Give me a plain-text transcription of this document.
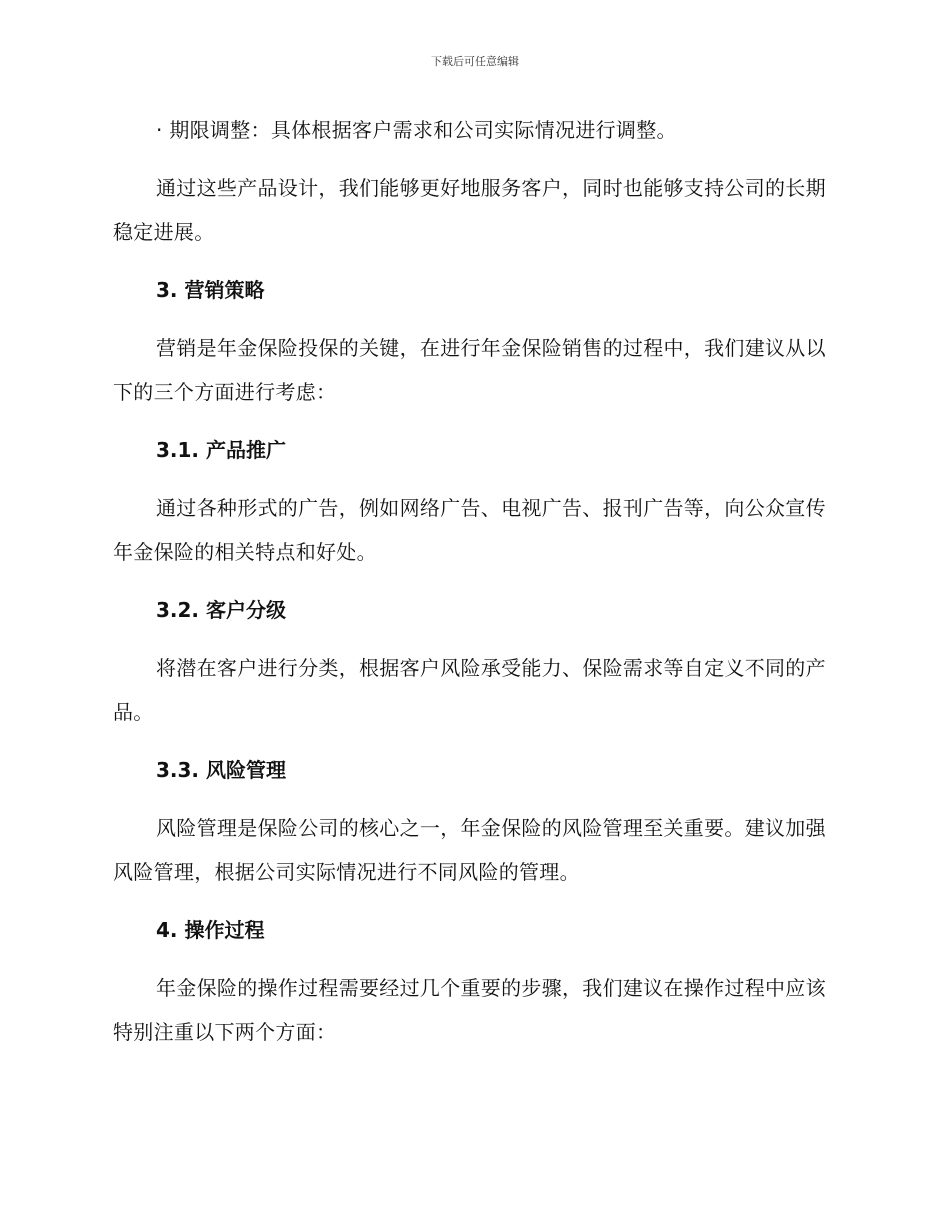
下载后可任意编辑

· 期限调整：具体根据客户需求和公司实际情况进行调整。

通过这些产品设计，我们能够更好地服务客户，同时也能够支持公司的长期稳定进展。

3. 营销策略

营销是年金保险投保的关键，在进行年金保险销售的过程中，我们建议从以下的三个方面进行考虑：

3.1. 产品推广

通过各种形式的广告，例如网络广告、电视广告、报刊广告等，向公众宣传年金保险的相关特点和好处。

3.2. 客户分级

将潜在客户进行分类，根据客户风险承受能力、保险需求等自定义不同的产品。

3.3. 风险管理

风险管理是保险公司的核心之一，年金保险的风险管理至关重要。建议加强风险管理，根据公司实际情况进行不同风险的管理。

4. 操作过程

年金保险的操作过程需要经过几个重要的步骤，我们建议在操作过程中应该特别注重以下两个方面：
